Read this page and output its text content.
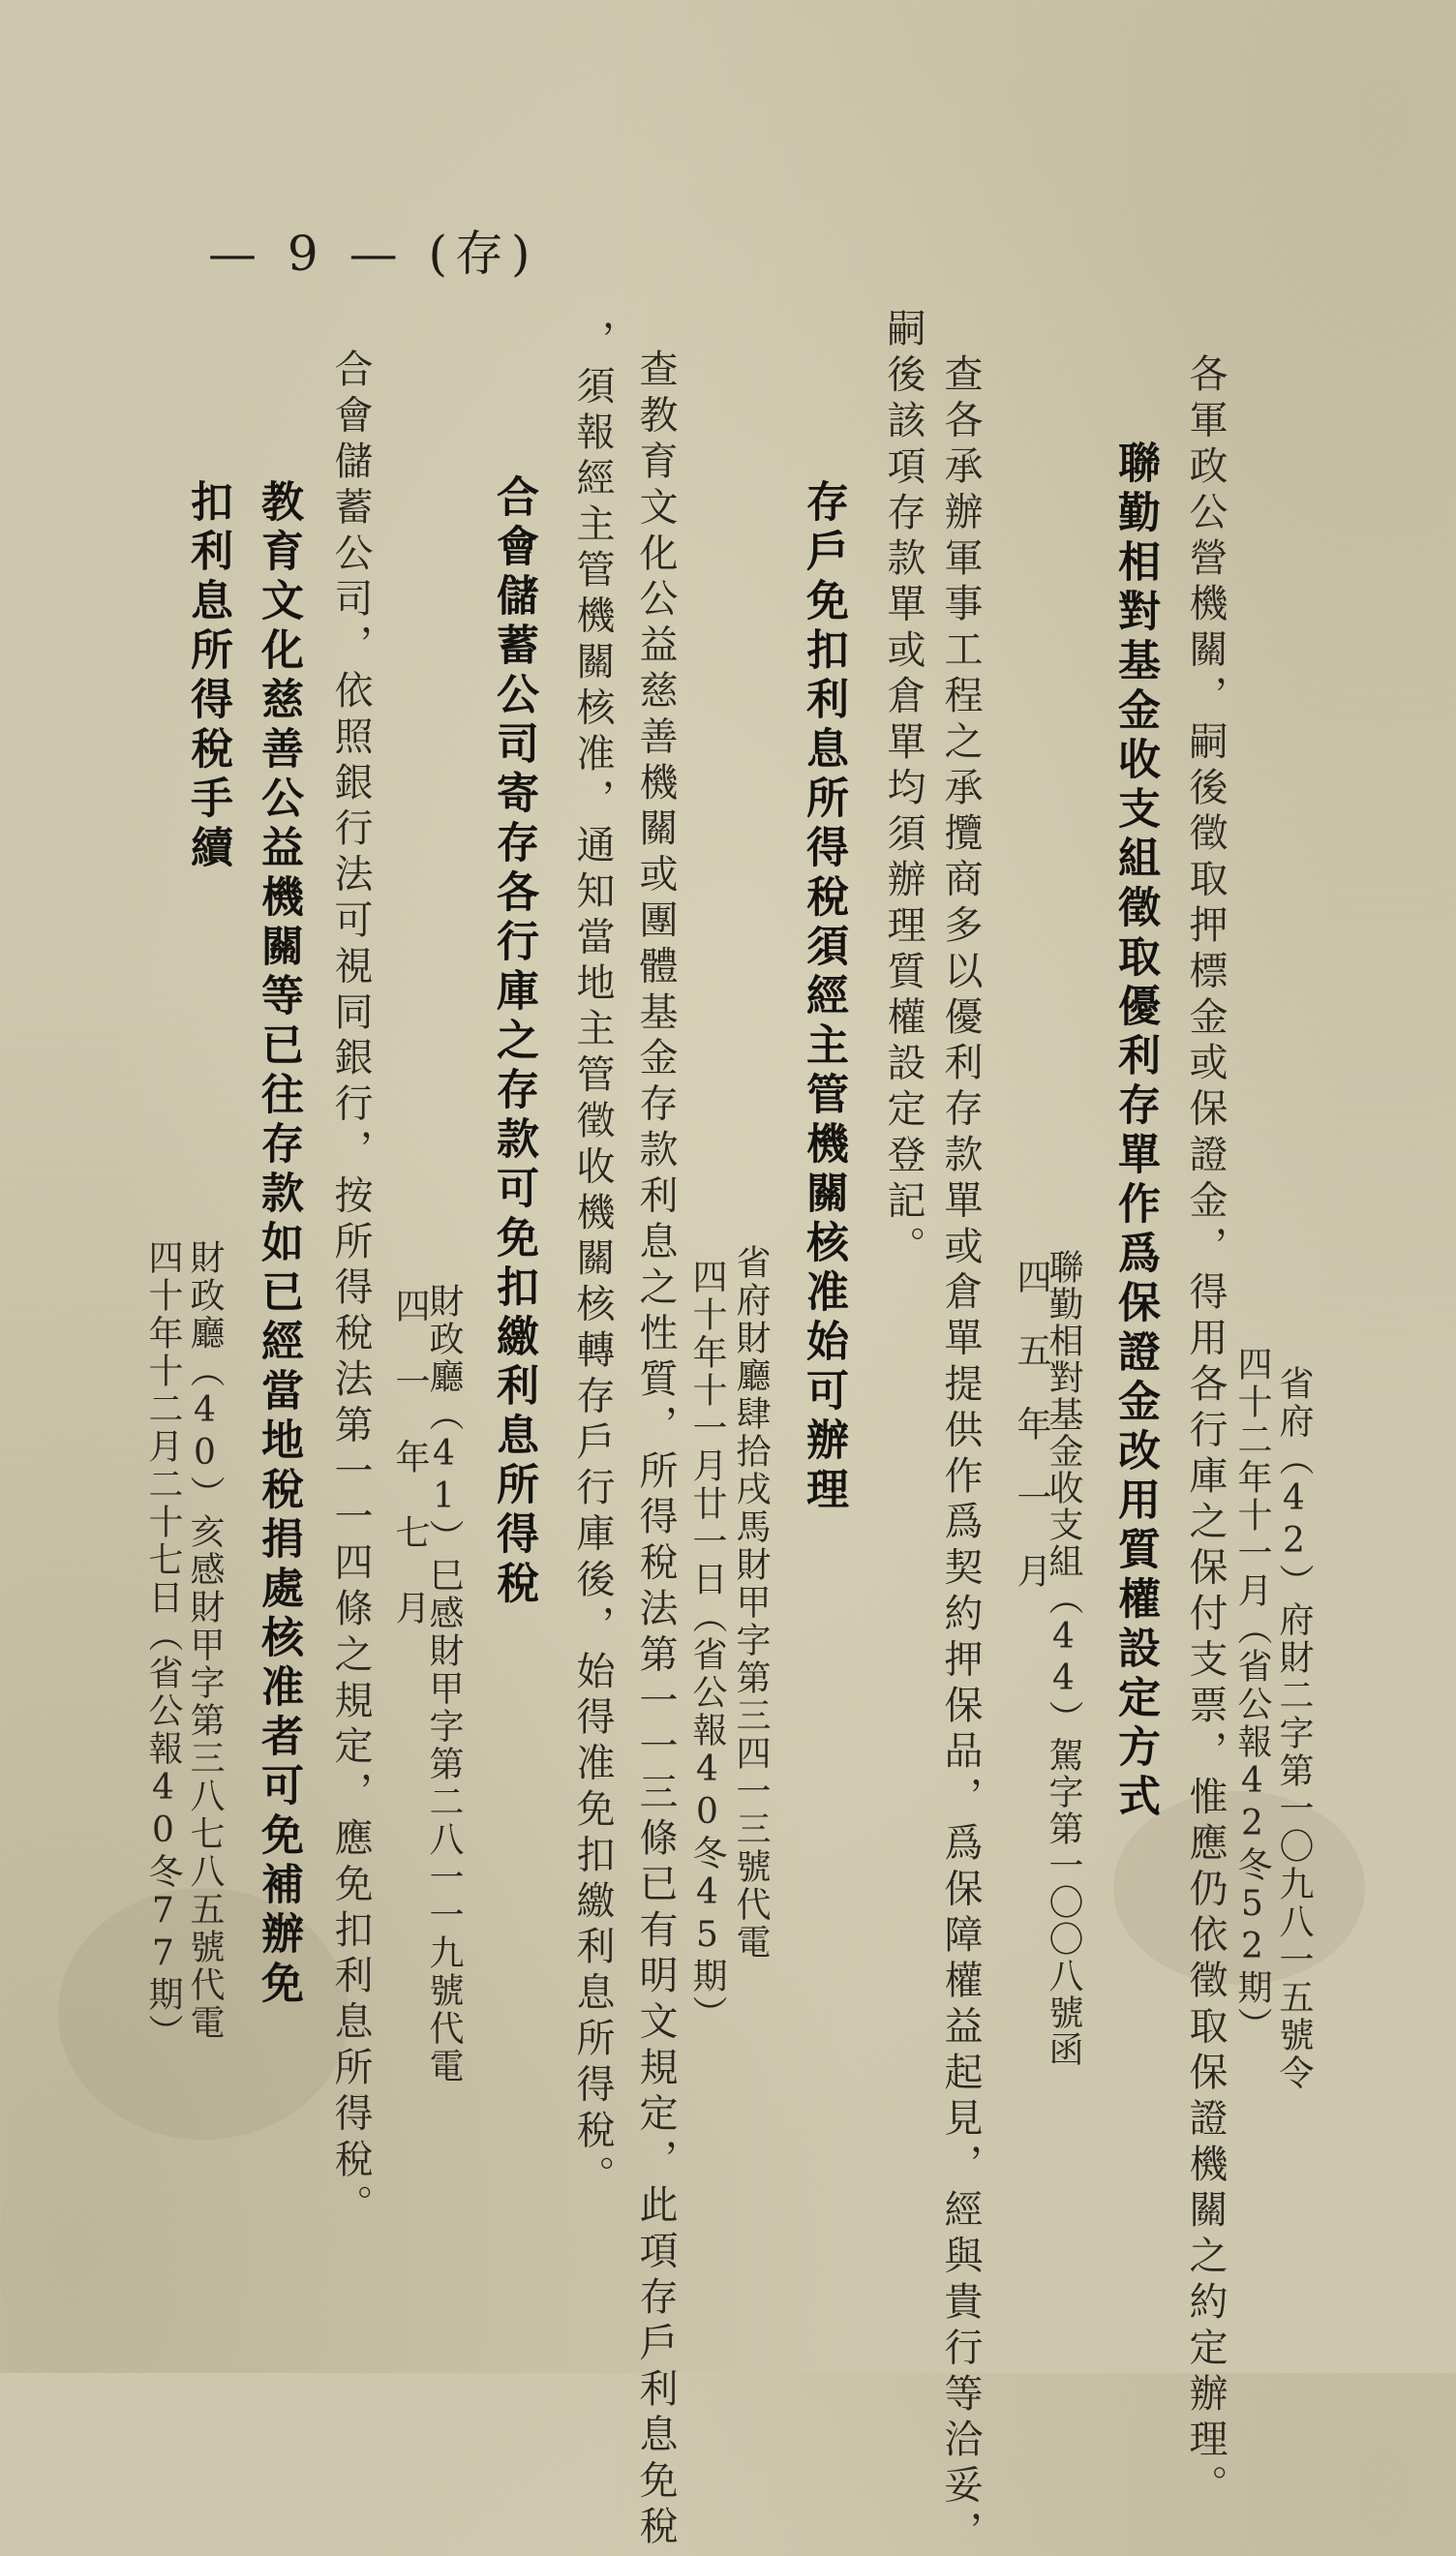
— 9 — (存)
各軍政公營機關，嗣後徵取押標金或保證金，得用各行庫之保付支票，惟應仍依徵取保證機關之約定辦理。 省府（42）府財二字第一〇九八一五號令
四十二年十一月（省公報42冬52期）
聯勤相對基金收支組徵取優利存單作爲保證金改用質權設定方式
聯勤相對基金收支組（44）駕字第一〇〇八號函
四　五　年　一　月
查各承辦軍事工程之承攬商多以優利存款單或倉單提供作爲契約押保品，爲保障權益起見，經與貴行等洽妥，
嗣後該項存款單或倉單均須辦理質權設定登記。
存戶免扣利息所得稅須經主管機關核准始可辦理
省府財廳肆拾戌馬財甲字第三四一三號代電
四十年十一月廿一日（省公報40冬45期）
查教育文化公益慈善機關或團體基金存款利息之性質，所得稅法第一一三條已有明文規定，此項存戶利息免稅
，須報經主管機關核准，通知當地主管徵收機關核轉存戶行庫後，始得准免扣繳利息所得稅。
合會儲蓄公司寄存各行庫之存款可免扣繳利息所得稅
財政廳（41）巳感財甲字第二八一一九號代電
四　一　年　七　月
合會儲蓄公司，依照銀行法可視同銀行，按所得稅法第一一四條之規定，應免扣利息所得稅。
教育文化慈善公益機關等已往存款如已經當地稅捐處核准者可免補辦免
財政廳（40）亥感財甲字第三八七八五號代電
四十年十二月二十七日（省公報40冬77期）
扣利息所得稅手續
